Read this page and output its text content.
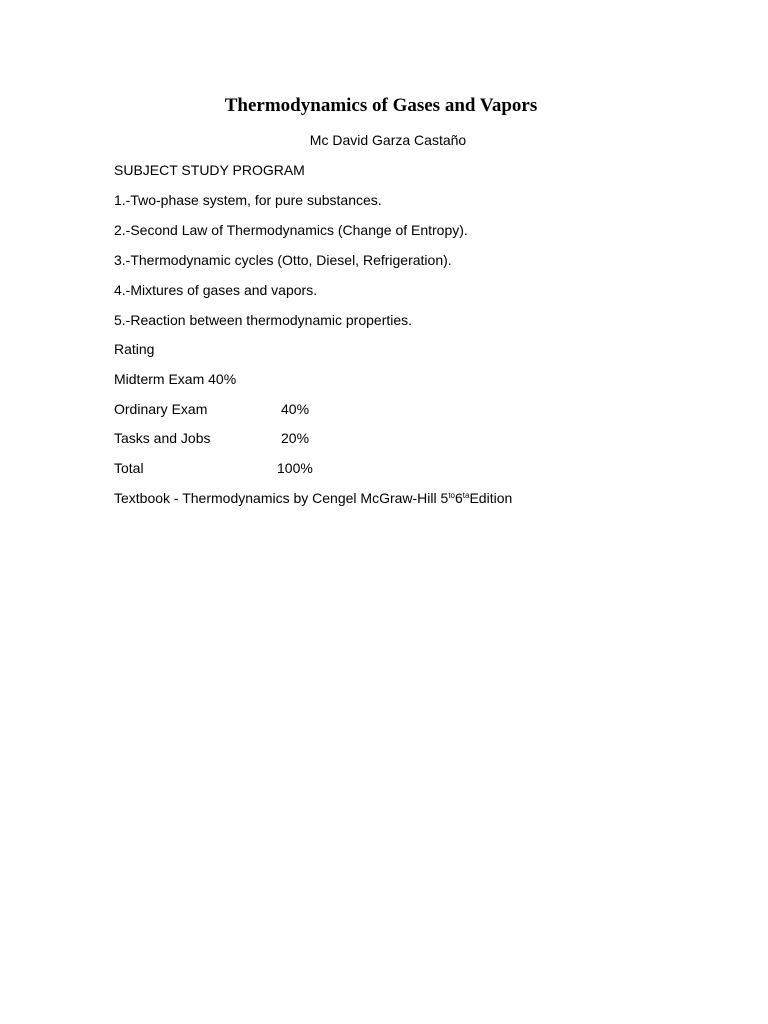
Thermodynamics of Gases and Vapors
Mc David Garza Castaño
SUBJECT STUDY PROGRAM
1.-Two-phase system, for pure substances.
2.-Second Law of Thermodynamics (Change of Entropy).
3.-Thermodynamic cycles (Otto, Diesel, Refrigeration).
4.-Mixtures of gases and vapors.
5.-Reaction between thermodynamic properties.
Rating
Midterm Exam 40%
Ordinary Exam	40%
Tasks and Jobs	20%
Total	100%
Textbook - Thermodynamics by Cengel McGraw-Hill $5^{to}6^{ta}Edition$
